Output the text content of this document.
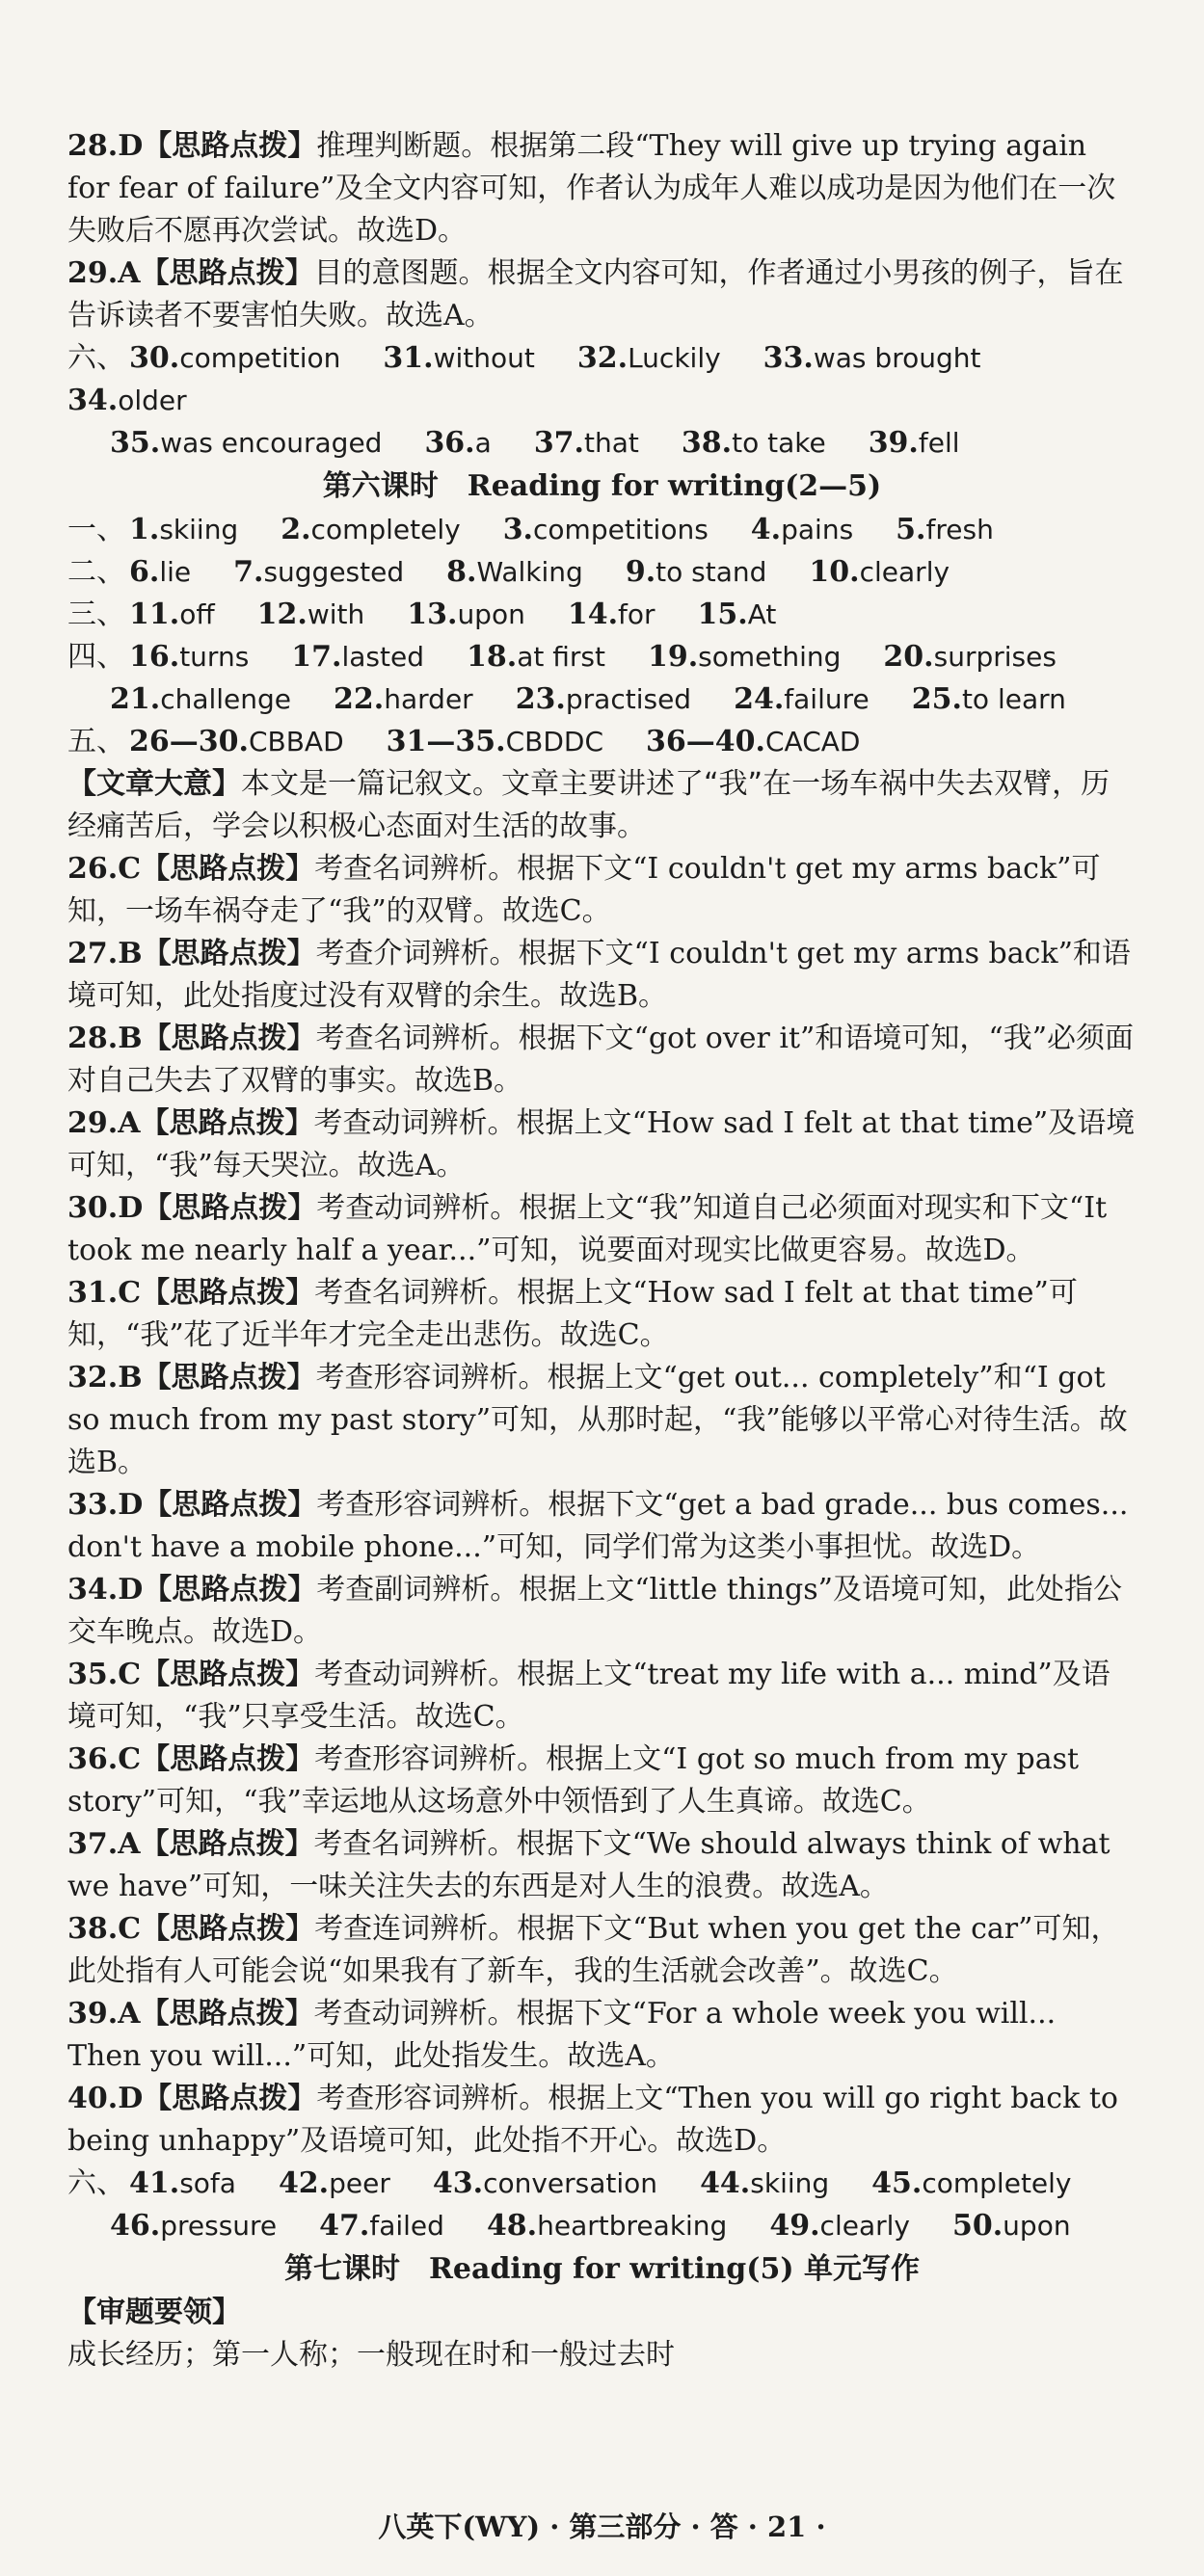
28.D【思路点拨】推理判断题。根据第二段“They will give up trying again for fear of failure”及全文内容可知，作者认为成年人难以成功是因为他们在一次失败后不愿再次尝试。故选D。

29.A【思路点拨】目的意图题。根据全文内容可知，作者通过小男孩的例子，旨在告诉读者不要害怕失败。故选A。

六、 30.competition 31.without 32.Luckily 33.was brought
34.older
35.was encouraged 36.a 37.that 38.to take 39.fell

第六课时　Reading for writing(2—5)

一、 1.skiing 2.completely 3.competitions 4.pains 5.fresh
二、 6.lie 7.suggested 8.Walking 9.to stand 10.clearly
三、 11.off 12.with 13.upon 14.for 15.At
四、 16.turns 17.lasted 18.at first 19.something 20.surprises
21.challenge 22.harder 23.practised 24.failure 25.to learn
五、 26—30.CBBAD 31—35.CBDDC 36—40.CACAD

【文章大意】本文是一篇记叙文。文章主要讲述了“我”在一场车祸中失去双臂，历经痛苦后，学会以积极心态面对生活的故事。

26.C【思路点拨】考查名词辨析。根据下文“I couldn't get my arms back”可知，一场车祸夺走了“我”的双臂。故选C。

27.B【思路点拨】考查介词辨析。根据下文“I couldn't get my arms back”和语境可知，此处指度过没有双臂的余生。故选B。

28.B【思路点拨】考查名词辨析。根据下文“got over it”和语境可知，“我”必须面对自己失去了双臂的事实。故选B。

29.A【思路点拨】考查动词辨析。根据上文“How sad I felt at that time”及语境可知，“我”每天哭泣。故选A。

30.D【思路点拨】考查动词辨析。根据上文“我”知道自己必须面对现实和下文“It took me nearly half a year...”可知，说要面对现实比做更容易。故选D。

31.C【思路点拨】考查名词辨析。根据上文“How sad I felt at that time”可知，“我”花了近半年才完全走出悲伤。故选C。

32.B【思路点拨】考查形容词辨析。根据上文“get out... completely”和“I got so much from my past story”可知，从那时起，“我”能够以平常心对待生活。故选B。

33.D【思路点拨】考查形容词辨析。根据下文“get a bad grade... bus comes... don't have a mobile phone...”可知，同学们常为这类小事担忧。故选D。

34.D【思路点拨】考查副词辨析。根据上文“little things”及语境可知，此处指公交车晚点。故选D。

35.C【思路点拨】考查动词辨析。根据上文“treat my life with a... mind”及语境可知，“我”只享受生活。故选C。

36.C【思路点拨】考查形容词辨析。根据上文“I got so much from my past story”可知，“我”幸运地从这场意外中领悟到了人生真谛。故选C。

37.A【思路点拨】考查名词辨析。根据下文“We should always think of what we have”可知，一味关注失去的东西是对人生的浪费。故选A。

38.C【思路点拨】考查连词辨析。根据下文“But when you get the car”可知，此处指有人可能会说“如果我有了新车，我的生活就会改善”。故选C。

39.A【思路点拨】考查动词辨析。根据下文“For a whole week you will... Then you will...”可知，此处指发生。故选A。

40.D【思路点拨】考查形容词辨析。根据上文“Then you will go right back to being unhappy”及语境可知，此处指不开心。故选D。

六、 41.sofa 42.peer 43.conversation 44.skiing 45.completely
46.pressure 47.failed 48.heartbreaking 49.clearly 50.upon

第七课时　Reading for writing(5) 单元写作

【审题要领】

成长经历；第一人称；一般现在时和一般过去时

八英下(WY) · 第三部分 · 答 · 21 ·
